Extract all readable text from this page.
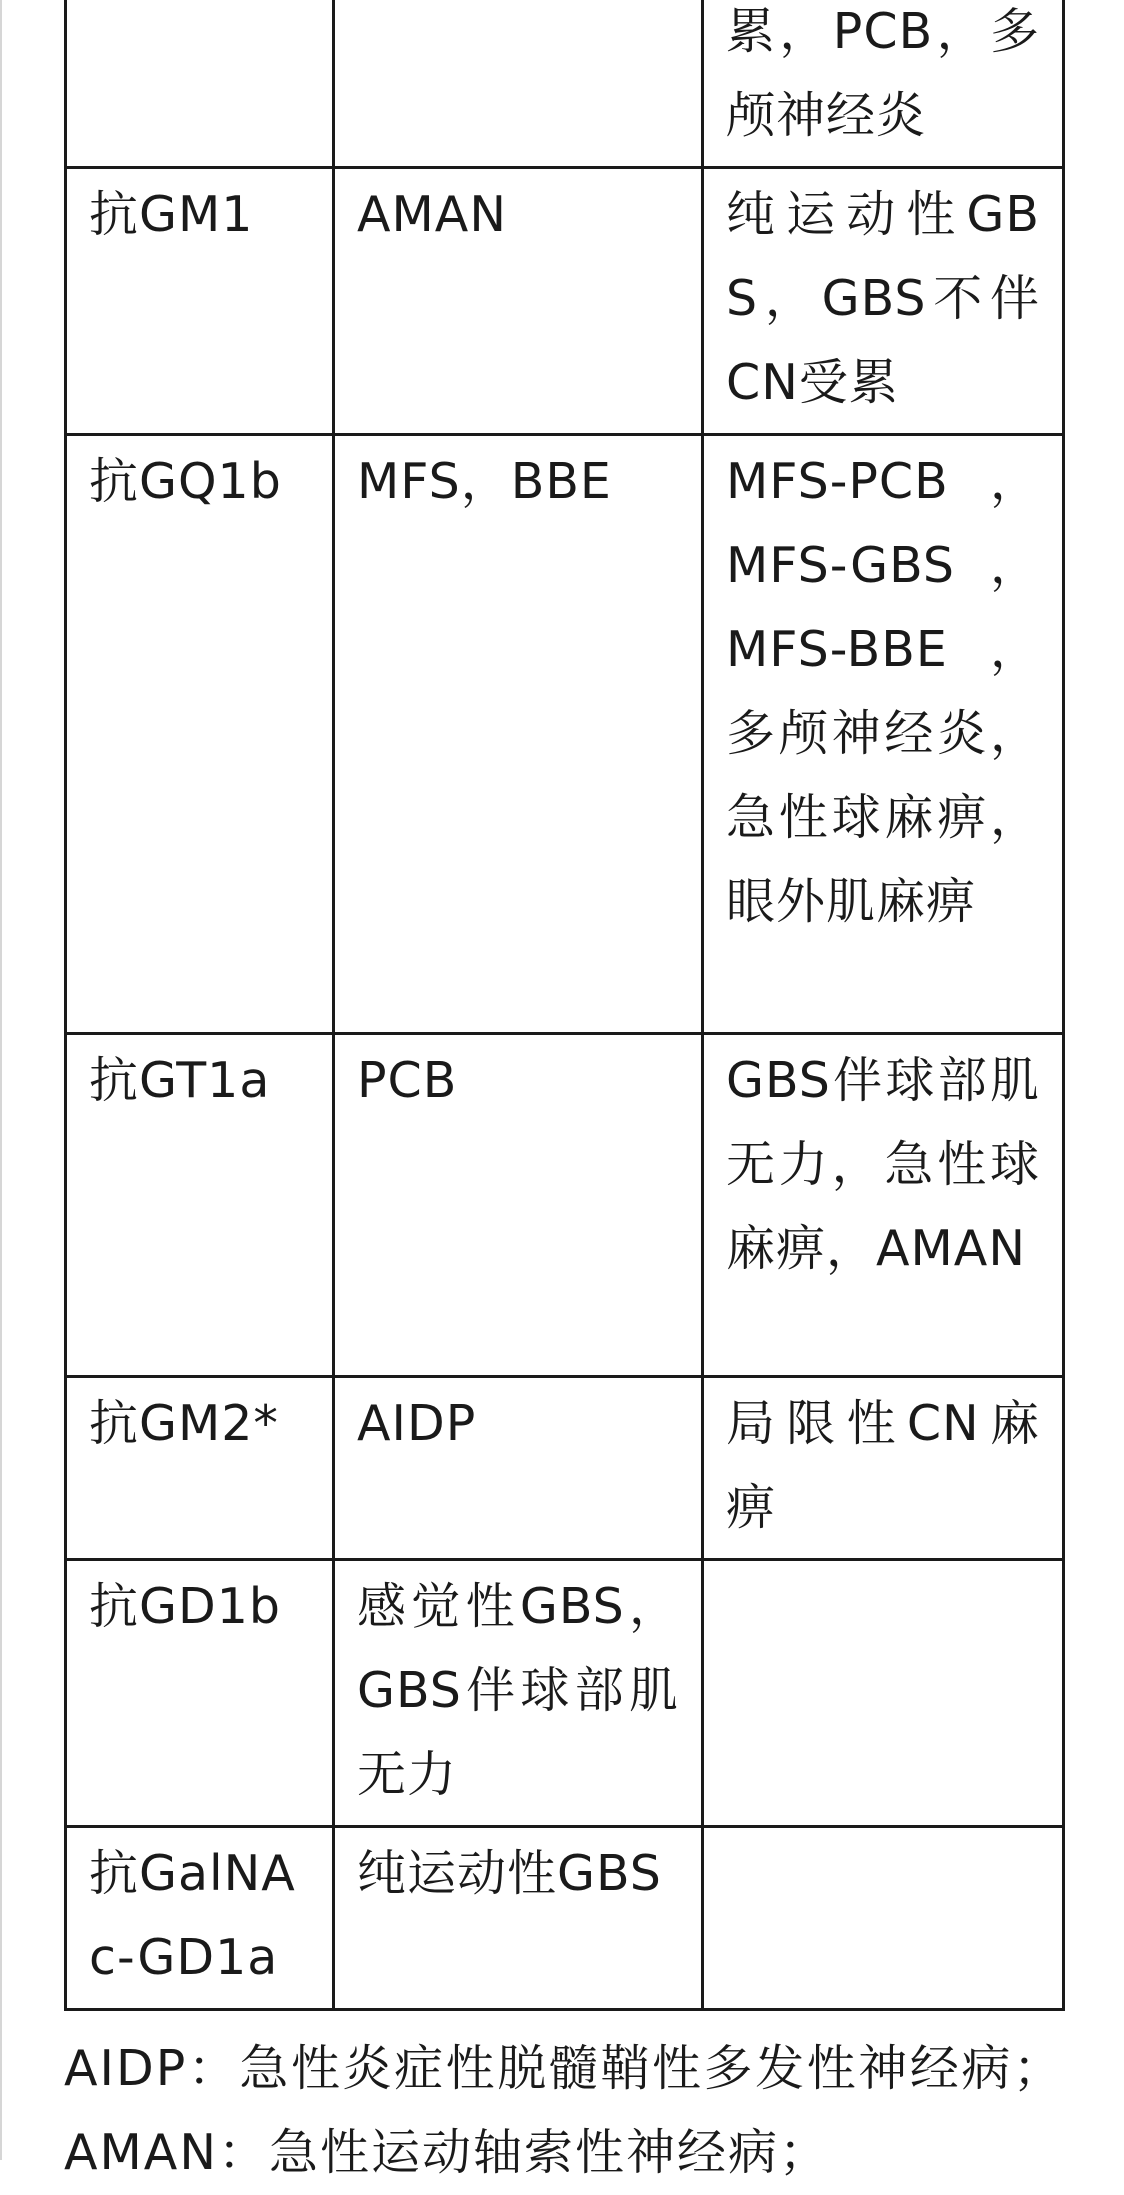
		累，PCB，多颅神经炎
抗GM1	AMAN	纯运动性GBS，GBS不伴CN受累
抗GQ1b	MFS，BBE	MFS-PCB，MFS-GBS，MFS-BBE，多颅神经炎，急性球麻痹，眼外肌麻痹
抗GT1a	PCB	GBS伴球部肌无力，急性球麻痹，AMAN
抗GM2*	AIDP	局限性CN麻痹
抗GD1b	感觉性GBS，GBS伴球部肌无力	
抗GalNAc-GD1a	纯运动性GBS	

AIDP：急性炎症性脱髓鞘性多发性神经病；AMAN：急性运动轴索性神经病；
